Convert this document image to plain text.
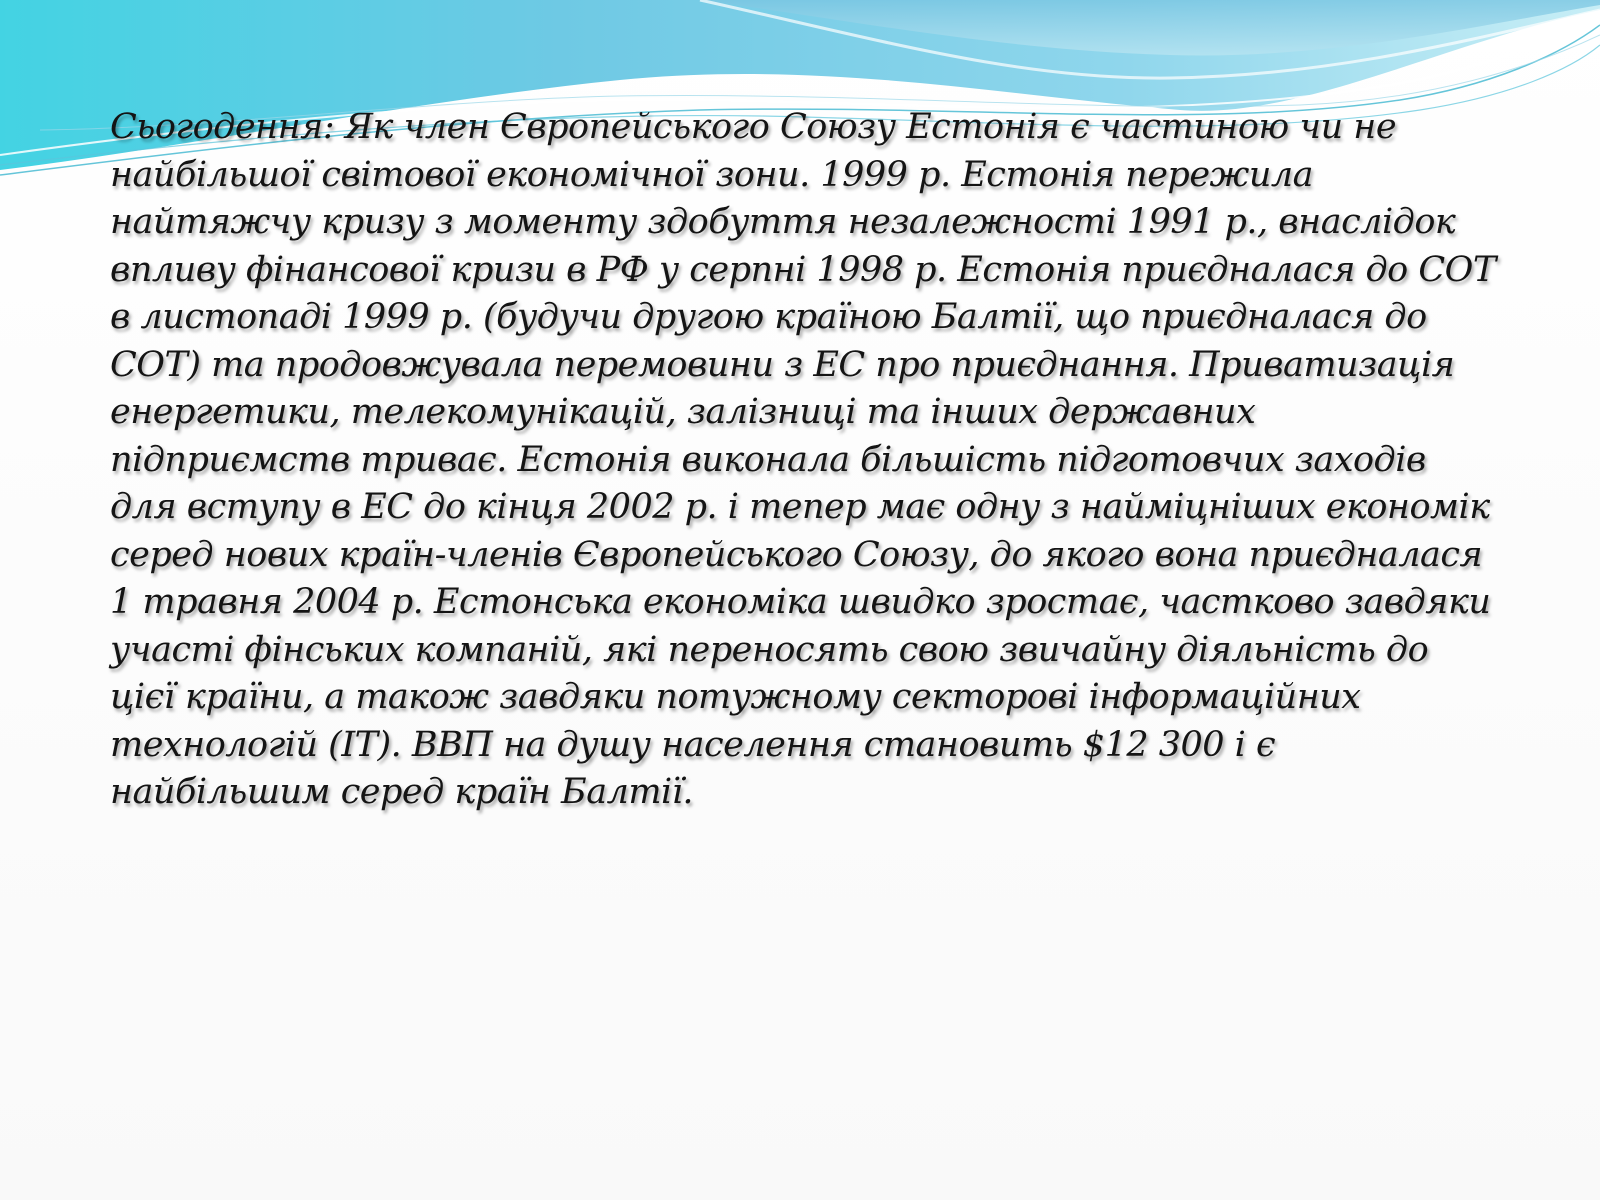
Сьогодення: Як член Європейського Союзу Естонія є частиною чи не
найбільшої світової економічної зони. 1999 р. Естонія пережила
найтяжчу кризу з моменту здобуття незалежності 1991 р., внаслідок
впливу фінансової кризи в РФ у серпні 1998 р. Естонія приєдналася до СОТ
в листопаді 1999 р. (будучи другою країною Балтії, що приєдналася до
СОТ) та продовжувала перемовини з ЕС про приєднання. Приватизація
енергетики, телекомунікацій, залізниці та інших державних
підприємств триває. Естонія виконала більшість підготовчих заходів
для вступу в ЕС до кінця 2002 р. і тепер має одну з найміцніших економік
серед нових країн-членів Європейського Союзу, до якого вона приєдналася
1 травня 2004 р. Естонська економіка швидко зростає, частково завдяки
участі фінських компаній, які переносять свою звичайну діяльність до
цієї країни, а також завдяки потужному секторові інформаційних
технологій (IT). ВВП на душу населення становить $12 300 і є
найбільшим серед країн Балтії.
